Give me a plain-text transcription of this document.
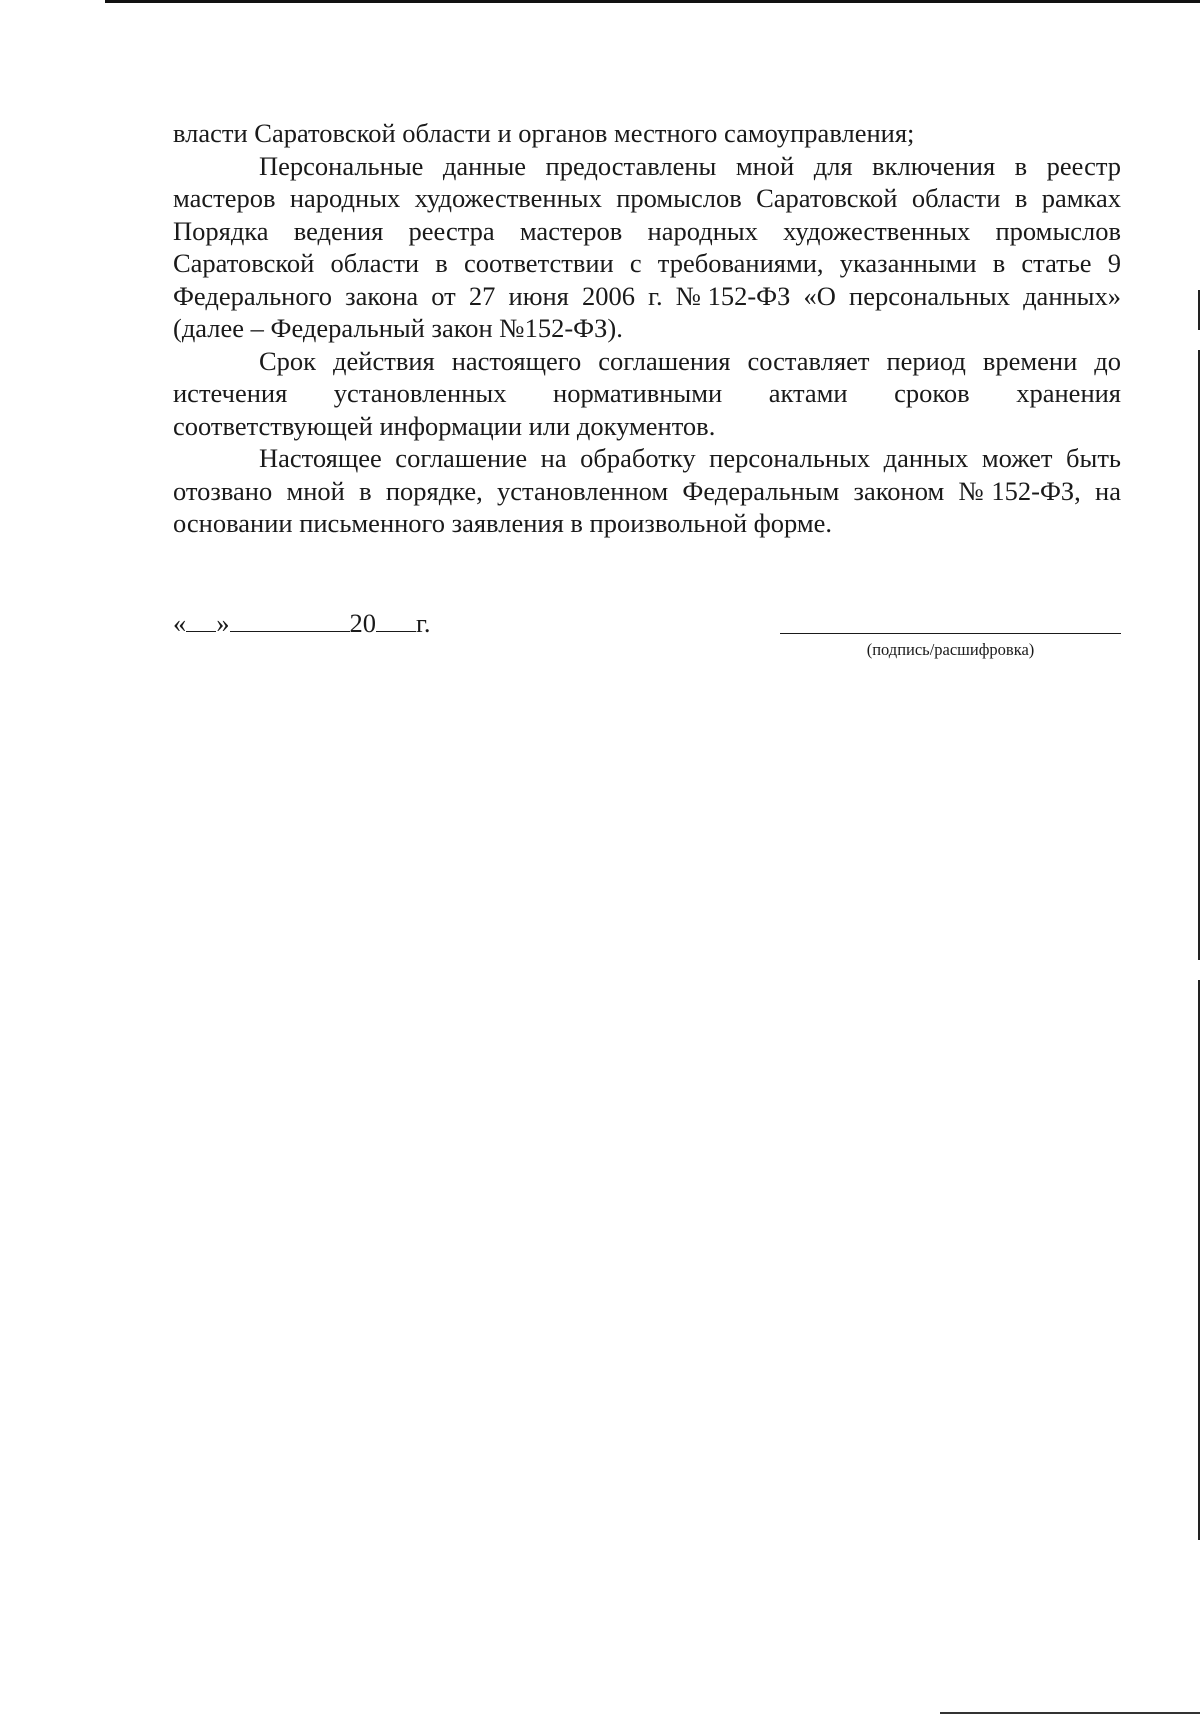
власти Саратовской области и органов местного самоуправления;

Персональные данные предоставлены мной для включения в реестр мастеров народных художественных промыслов Саратовской области в рамках Порядка ведения реестра мастеров народных художественных промыслов Саратовской области в соответствии с требованиями, указанными в статье 9 Федерального закона от 27 июня 2006 г. №152-ФЗ «О персональных данных» (далее – Федеральный закон №152-ФЗ).

Срок действия настоящего соглашения составляет период времени до истечения установленных нормативными актами сроков хранения соответствующей информации или документов.

Настоящее соглашение на обработку персональных данных может быть отозвано мной в порядке, установленном Федеральным законом №152-ФЗ, на основании письменного заявления в произвольной форме.

« »	20 г.
(подпись/расшифровка)
